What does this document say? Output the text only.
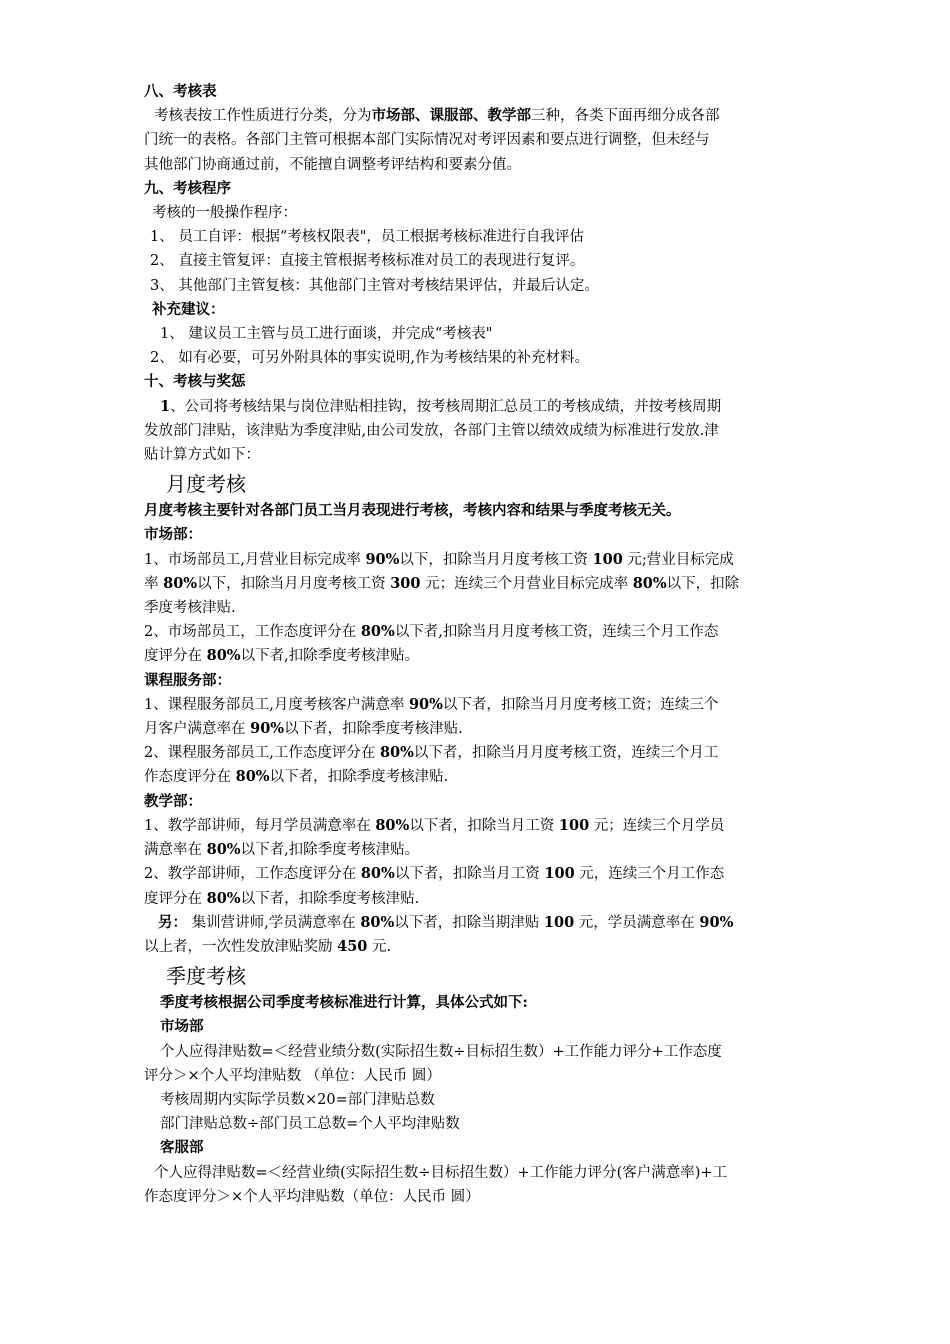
八、考核表
考核表按工作性质进行分类，分为市场部、课服部、教学部三种，各类下面再细分成各部
门统一的表格。各部门主管可根据本部门实际情况对考评因素和要点进行调整，但未经与
其他部门协商通过前，不能擅自调整考评结构和要素分值。
九、考核程序
考核的一般操作程序：
1、 员工自评：根据“考核权限表"，员工根据考核标准进行自我评估
2、 直接主管复评：直接主管根据考核标准对员工的表现进行复评。
3、 其他部门主管复核：其他部门主管对考核结果评估，并最后认定。
补充建议：
1、 建议员工主管与员工进行面谈，并完成“考核表"
2、 如有必要，可另外附具体的事实说明,作为考核结果的补充材料。
十、考核与奖惩
1、公司将考核结果与岗位津贴相挂钩，按考核周期汇总员工的考核成绩，并按考核周期
发放部门津贴，该津贴为季度津贴,由公司发放，各部门主管以绩效成绩为标准进行发放.津
贴计算方式如下：
月度考核
月度考核主要针对各部门员工当月表现进行考核，考核内容和结果与季度考核无关。
市场部：
1、市场部员工,月营业目标完成率 90%以下，扣除当月月度考核工资 100 元;营业目标完成
率 80%以下，扣除当月月度考核工资 300 元；连续三个月营业目标完成率 80%以下，扣除
季度考核津贴.
2、市场部员工，工作态度评分在 80%以下者,扣除当月月度考核工资，连续三个月工作态
度评分在 80%以下者,扣除季度考核津贴。
课程服务部：
1、课程服务部员工,月度考核客户满意率 90%以下者，扣除当月月度考核工资；连续三个
月客户满意率在 90%以下者，扣除季度考核津贴.
2、课程服务部员工,工作态度评分在 80%以下者，扣除当月月度考核工资，连续三个月工
作态度评分在 80%以下者，扣除季度考核津贴.
教学部：
1、教学部讲师，每月学员满意率在 80%以下者，扣除当月工资 100 元；连续三个月学员
满意率在 80%以下者,扣除季度考核津贴。
2、教学部讲师，工作态度评分在 80%以下者，扣除当月工资 100 元，连续三个月工作态
度评分在 80%以下者，扣除季度考核津贴.
另： 集训营讲师,学员满意率在 80%以下者，扣除当期津贴 100 元，学员满意率在 90%
以上者，一次性发放津贴奖励 450 元.
季度考核
季度考核根据公司季度考核标准进行计算，具体公式如下:
市场部
个人应得津贴数=＜经营业绩分数(实际招生数÷目标招生数）+工作能力评分+工作态度
评分＞×个人平均津贴数 （单位：人民币 圆）
考核周期内实际学员数×20=部门津贴总数
部门津贴总数÷部门员工总数=个人平均津贴数
客服部
个人应得津贴数=＜经营业绩(实际招生数÷目标招生数）+工作能力评分(客户满意率)+工
作态度评分＞×个人平均津贴数（单位：人民币 圆）
